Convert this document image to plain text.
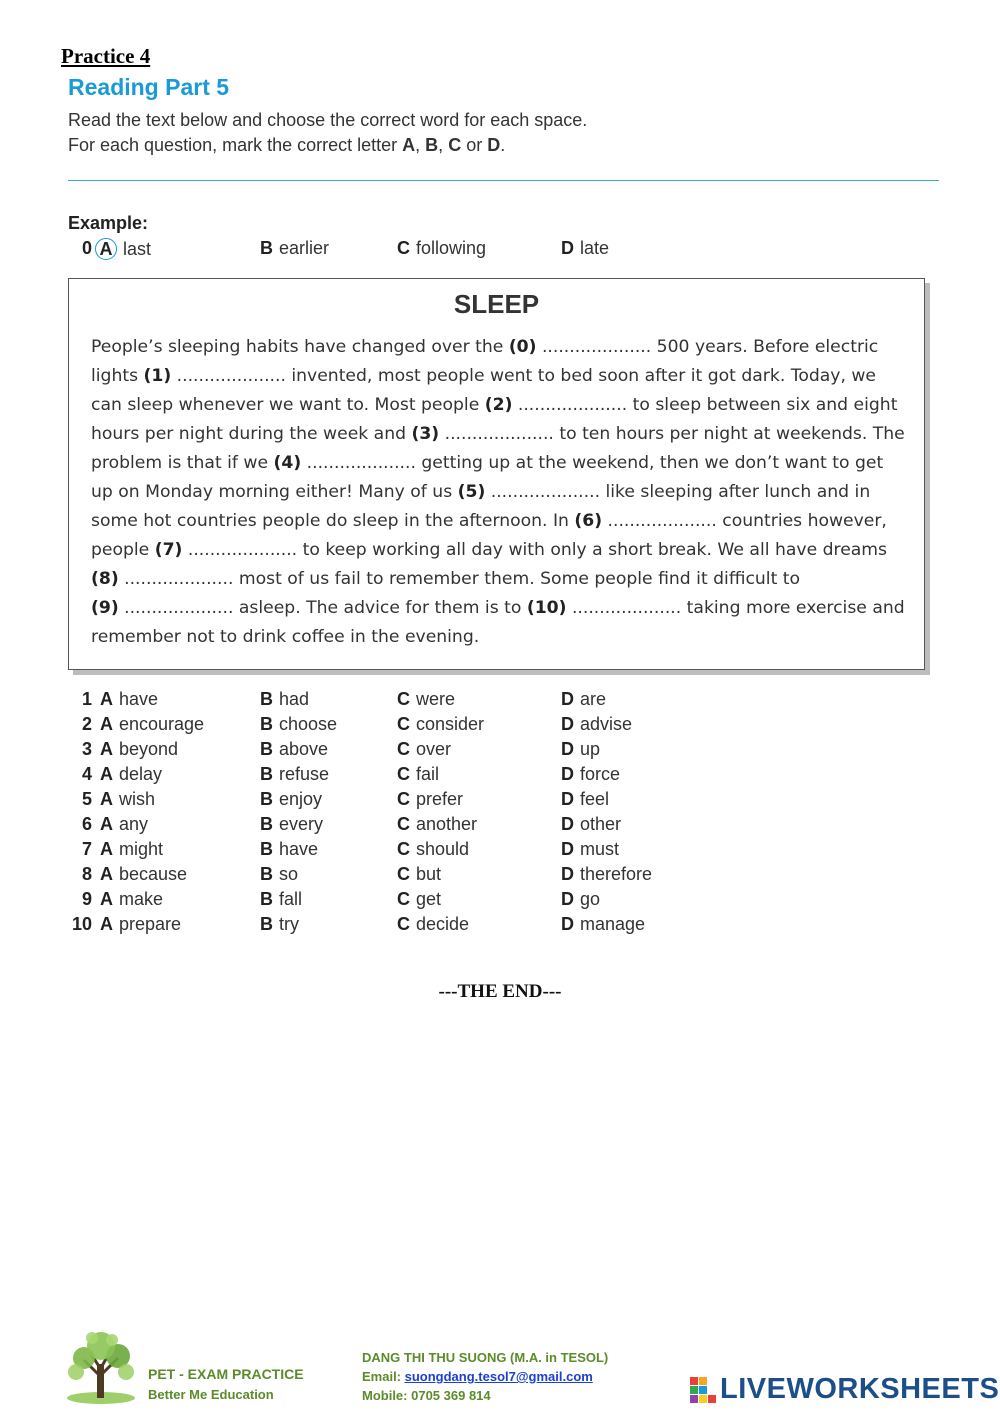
Practice 4
Reading Part 5
Read the text below and choose the correct word for each space.
For each question, mark the correct letter A, B, C or D.
Example:
0 A last	B earlier	C following	D late
SLEEP
People’s sleeping habits have changed over the (0) .................... 500 years. Before electric
lights (1) .................... invented, most people went to bed soon after it got dark. Today, we
can sleep whenever we want to. Most people (2) .................... to sleep between six and eight
hours per night during the week and (3) .................... to ten hours per night at weekends. The
problem is that if we (4) .................... getting up at the weekend, then we don’t want to get
up on Monday morning either! Many of us (5) .................... like sleeping after lunch and in
some hot countries people do sleep in the afternoon. In (6) .................... countries however,
people (7) .................... to keep working all day with only a short break. We all have dreams
(8) .................... most of us fail to remember them. Some people find it difficult to
(9) .................... asleep. The advice for them is to (10) .................... taking more exercise and
remember not to drink coffee in the evening.
1 A have	B had	C were	D are
2 A encourage	B choose	C consider	D advise
3 A beyond	B above	C over	D up
4 A delay	B refuse	C fail	D force
5 A wish	B enjoy	C prefer	D feel
6 A any	B every	C another	D other
7 A might	B have	C should	D must
8 A because	B so	C but	D therefore
9 A make	B fall	C get	D go
10 A prepare	B try	C decide	D manage
---THE END---
PET - EXAM PRACTICE
Better Me Education
DANG THI THU SUONG (M.A. in TESOL)
Email: suongdang.tesol7@gmail.com
Mobile: 0705 369 814	LIVEWORKSHEETS
